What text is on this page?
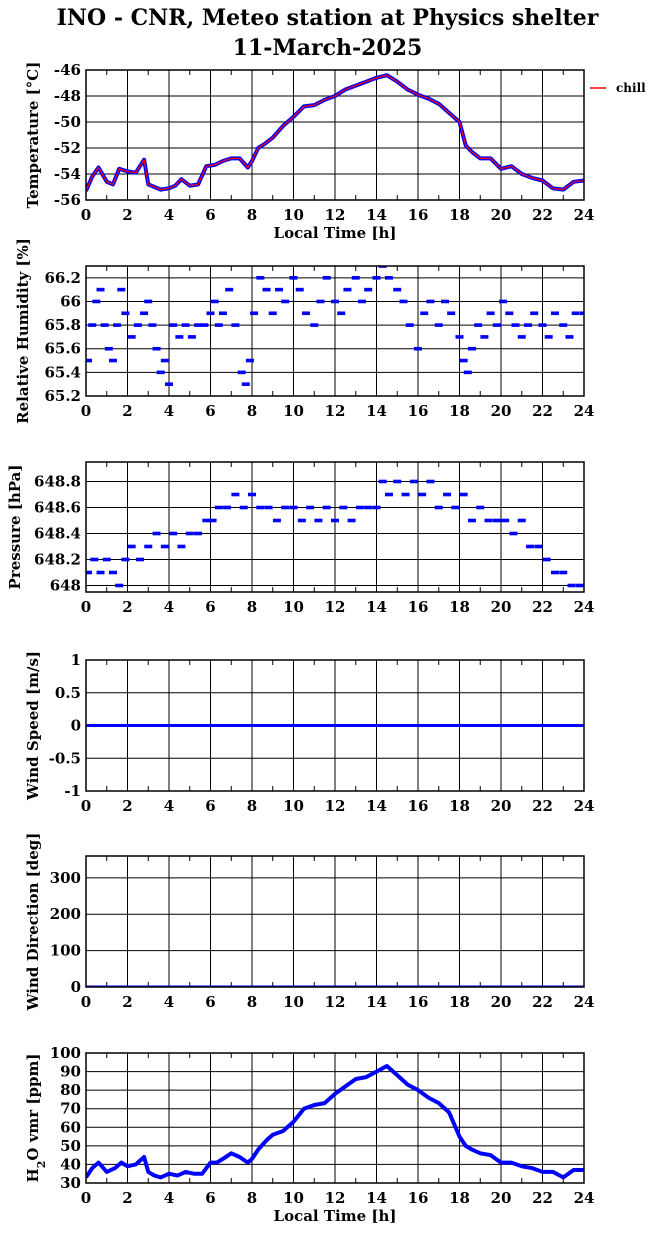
INO - CNR, Meteo station at Physics shelter
11-March-2025
0 2 4 6 8 10 12 14 16 18 20 22 24
-56
-54
-52
-50
-48
-46
Temperature [°C]
Local Time [h]
chill
0 2 4 6 8 10 12 14 16 18 20 22 24
65.2
65.4
65.6
65.8
66
66.2
Relative Humidity [%]
0 2 4 6 8 10 12 14 16 18 20 22 24
648
648.2
648.4
648.6
648.8
Pressure [hPa]
0 2 4 6 8 10 12 14 16 18 20 22 24
-1
-0.5
0
0.5
1
Wind Speed [m/s]
0 2 4 6 8 10 12 14 16 18 20 22 24
0
100
200
300
Wind Direction [deg]
0 2 4 6 8 10 12 14 16 18 20 22 24
30
40
50
60
70
80
90
100
$H_2O$ vmr [ppm]
Local Time [h]
